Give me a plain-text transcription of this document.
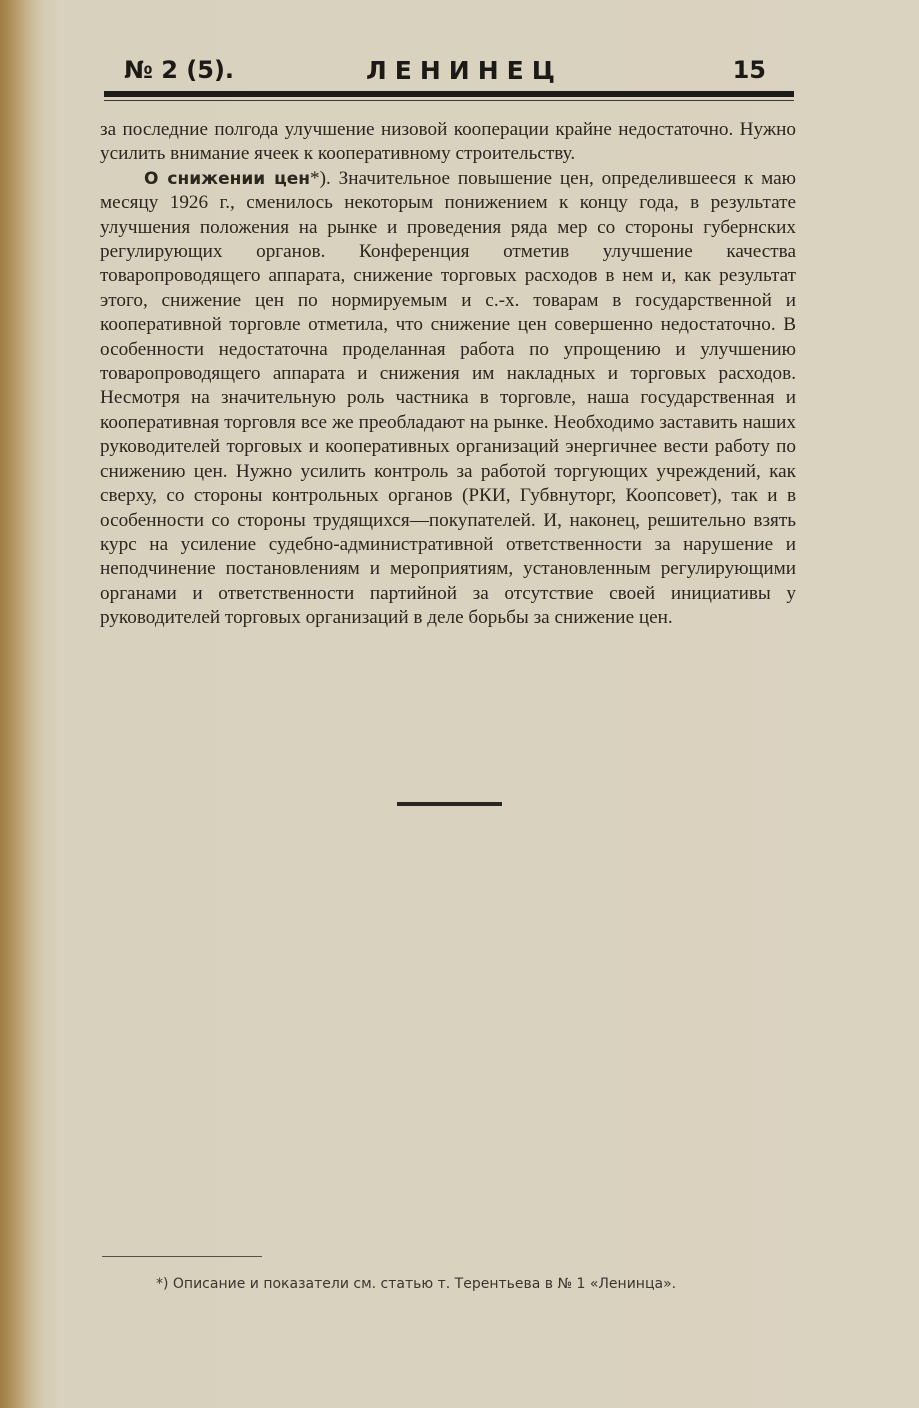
№ 2 (5).	ЛЕНИНЕЦ	15

за последние полгода улучшение низовой кооперации крайне недостаточно. Нужно усилить внимание ячеек к кооперативному строительству.

О снижении цен*). Значительное повышение цен, определившееся к маю месяцу 1926 г., сменилось некоторым понижением к концу года, в результате улучшения положения на рынке и проведения ряда мер со стороны губернских регулирующих органов. Конференция отметив улучшение качества товаропроводящего аппарата, снижение торговых расходов в нем и, как результат этого, снижение цен по нормируемым и с.-х. товарам в государственной и кооперативной торговле отметила, что снижение цен совершенно недостаточно. В особенности недостаточна проделанная работа по упрощению и улучшению товаропроводящего аппарата и снижения им накладных и торговых расходов. Несмотря на значительную роль частника в торговле, наша государственная и кооперативная торговля все же преобладают на рынке. Необходимо заставить наших руководителей торговых и кооперативных организаций энергичнее вести работу по снижению цен. Нужно усилить контроль за работой торгующих учреждений, как сверху, со стороны контрольных органов (РКИ, Губвнуторг, Коопсовет), так и в особенности со стороны трудящихся—покупателей. И, наконец, решительно взять курс на усиление судебно-административной ответственности за нарушение и неподчинение постановлениям и мероприятиям, установленным регулирующими органами и ответственности партийной за отсутствие своей инициативы у руководителей торговых организаций в деле борьбы за снижение цен.

*) Описание и показатели см. статью т. Терентьева в № 1 «Ленинца».
